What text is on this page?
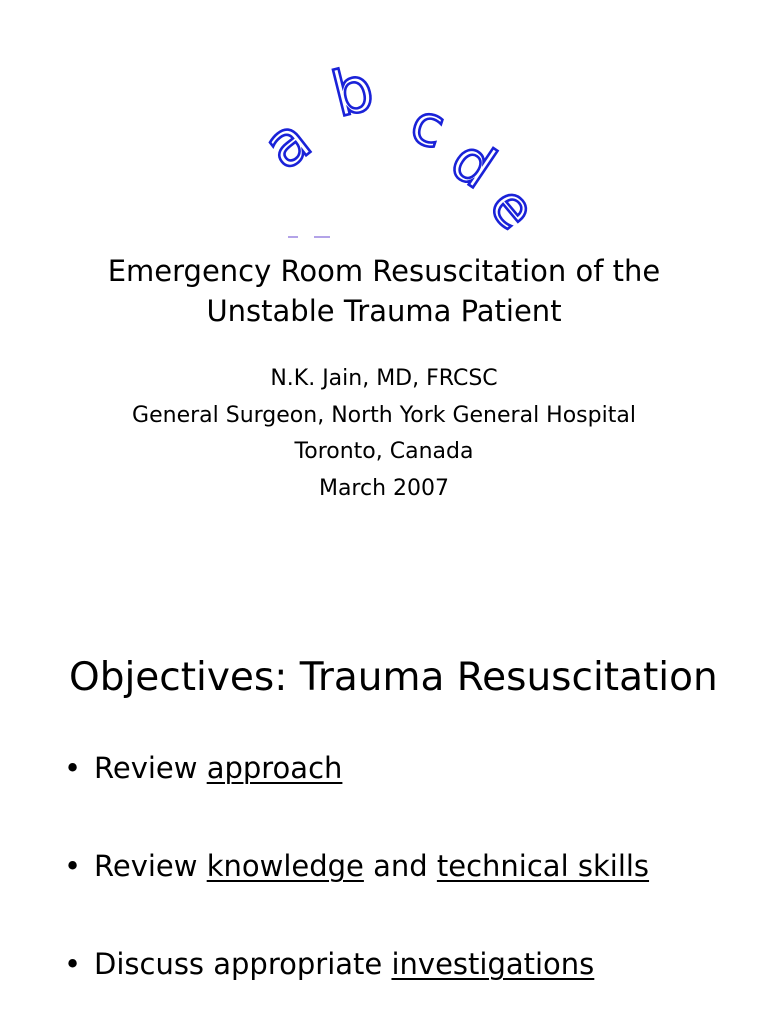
a
b c
d
e
Emergency Room Resuscitation of the
Unstable Trauma Patient
N.K. Jain, MD, FRCSC
General Surgeon, North York General Hospital
Toronto, Canada
March 2007
Objectives: Trauma Resuscitation
• Review approach
• Review knowledge and technical skills
• Discuss appropriate investigations
